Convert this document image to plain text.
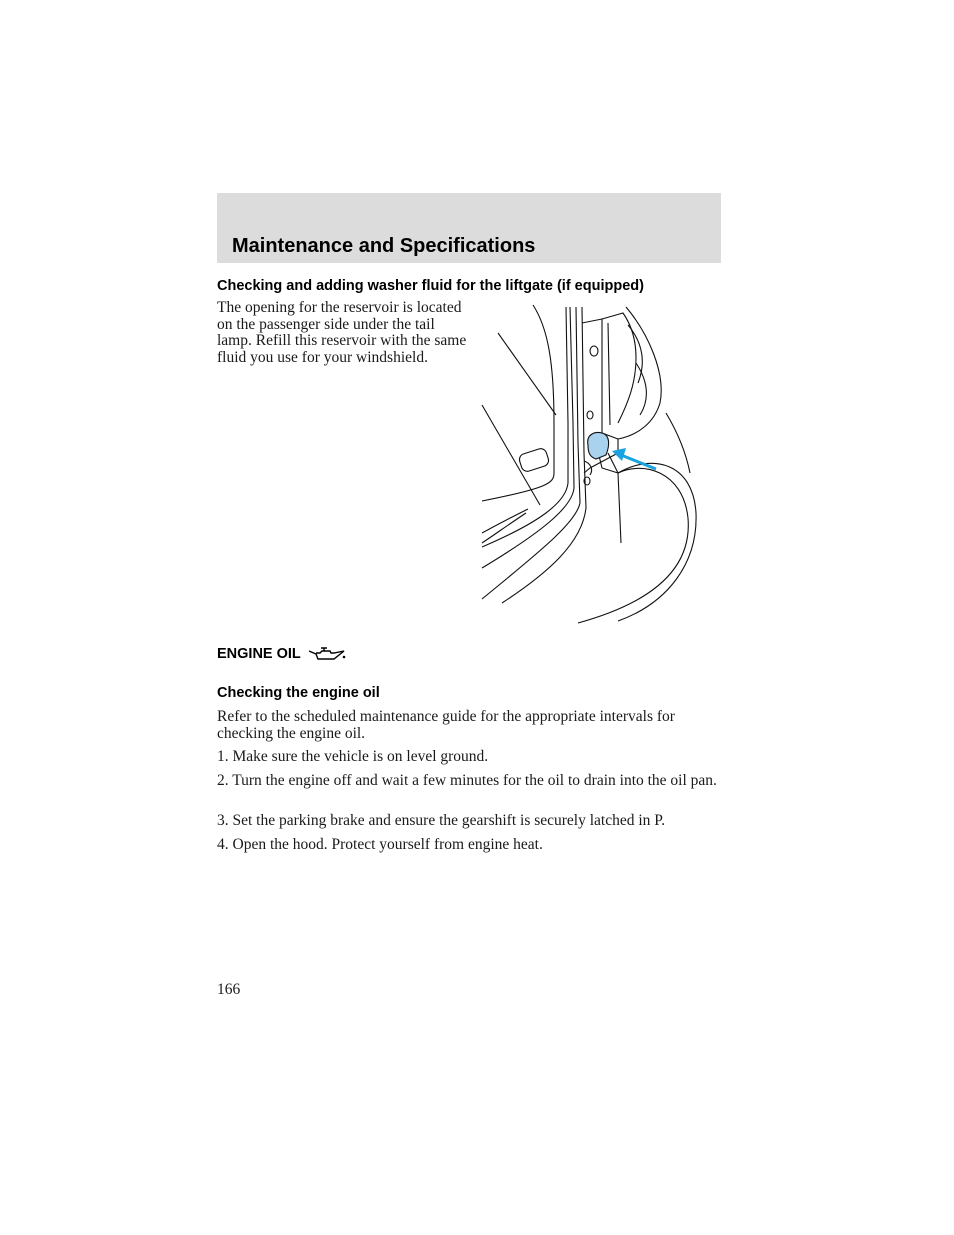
Maintenance and Specifications
Checking and adding washer fluid for the liftgate (if equipped)

The opening for the reservoir is located on the passenger side under the tail lamp. Refill this reservoir with the same fluid you use for your windshield.

ENGINE OIL
Checking the engine oil

Refer to the scheduled maintenance guide for the appropriate intervals for checking the engine oil.

1. Make sure the vehicle is on level ground.

2. Turn the engine off and wait a few minutes for the oil to drain into the oil pan.

3. Set the parking brake and ensure the gearshift is securely latched in P.

4. Open the hood. Protect yourself from engine heat.

166
